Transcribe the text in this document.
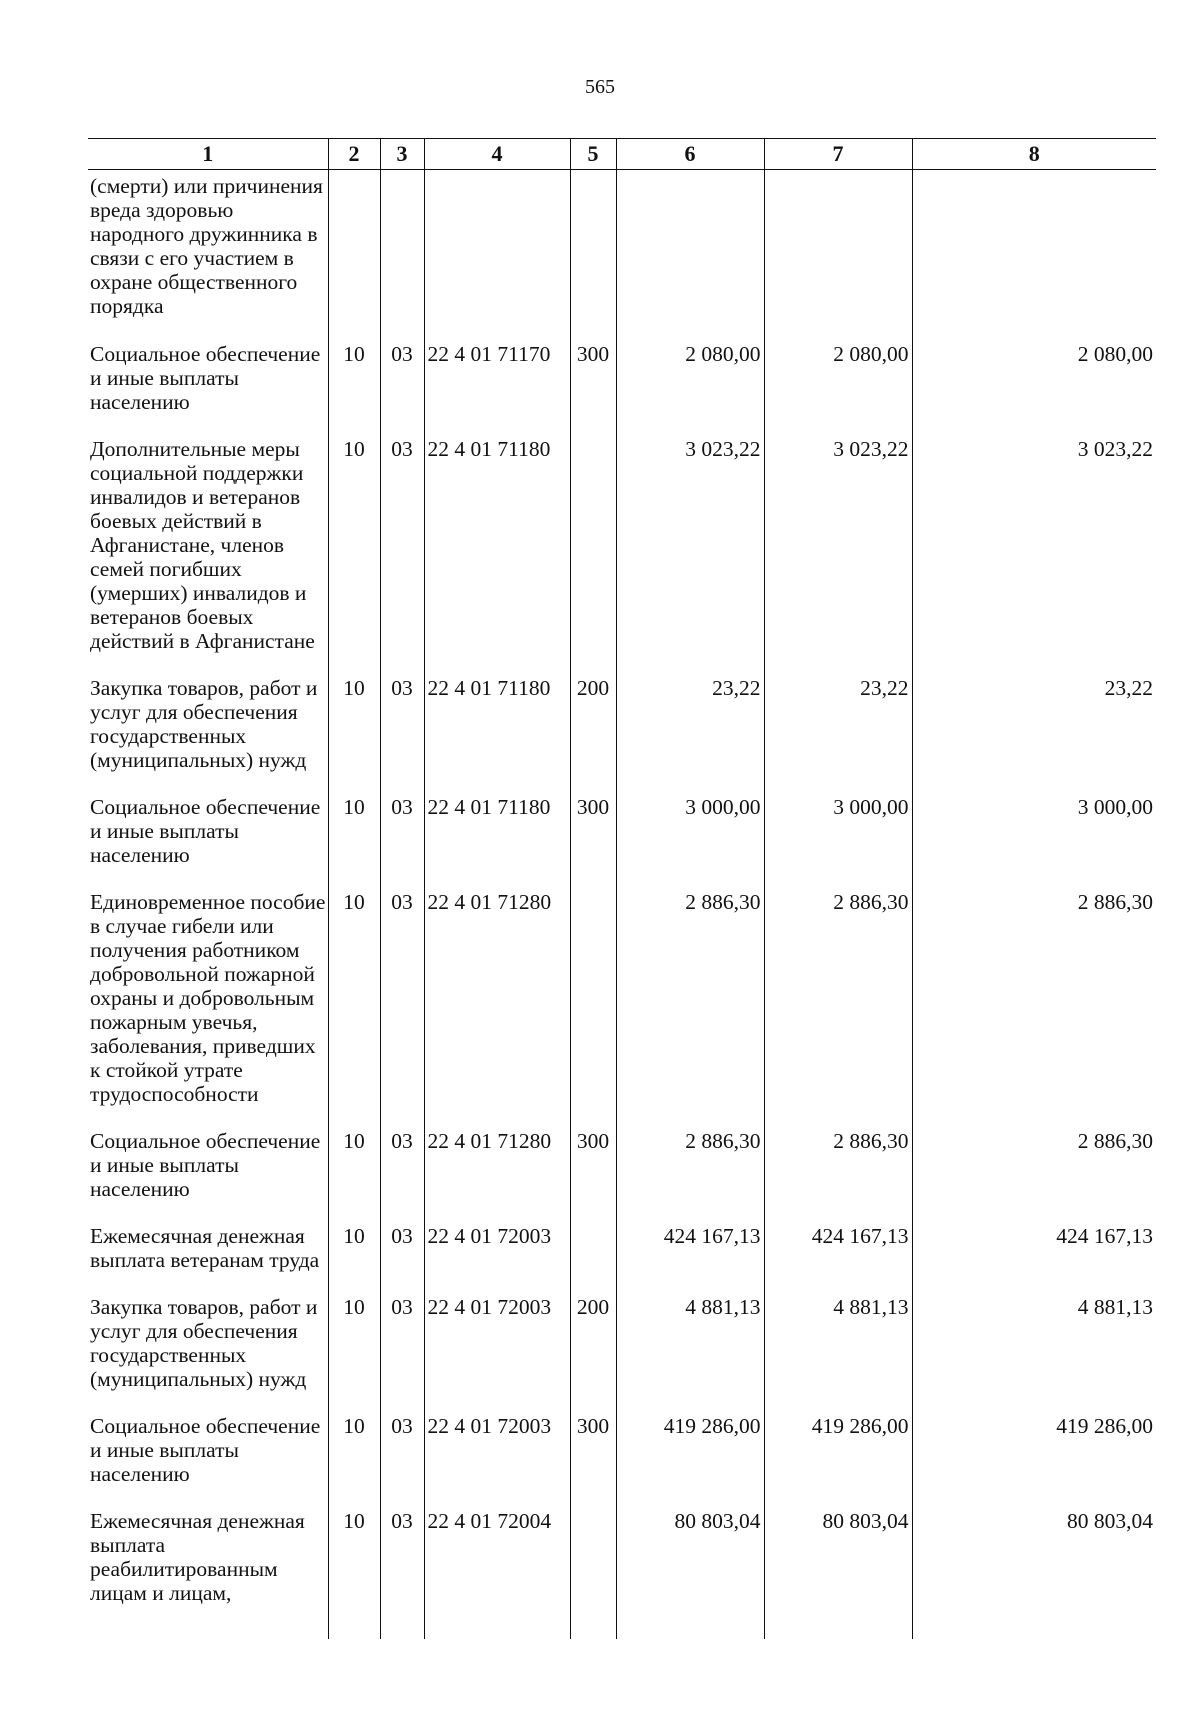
565
1	2	3	4	5	6	7	8
(смерти) или причинения вреда здоровью народного дружинника в связи с его участием в охране общественного порядка							
Социальное обеспечение и иные выплаты населению	10	03	22 4 01 71170	300	2 080,00	2 080,00	2 080,00
Дополнительные меры социальной поддержки инвалидов и ветеранов боевых действий в Афганистане, членов семей погибших (умерших) инвалидов и ветеранов боевых действий в Афганистане	10	03	22 4 01 71180		3 023,22	3 023,22	3 023,22
Закупка товаров, работ и услуг для обеспечения государственных (муниципальных) нужд	10	03	22 4 01 71180	200	23,22	23,22	23,22
Социальное обеспечение и иные выплаты населению	10	03	22 4 01 71180	300	3 000,00	3 000,00	3 000,00
Единовременное пособие в случае гибели или получения работником добровольной пожарной охраны и добровольным пожарным увечья, заболевания, приведших к стойкой утрате трудоспособности	10	03	22 4 01 71280		2 886,30	2 886,30	2 886,30
Социальное обеспечение и иные выплаты населению	10	03	22 4 01 71280	300	2 886,30	2 886,30	2 886,30
Ежемесячная денежная выплата ветеранам труда	10	03	22 4 01 72003		424 167,13	424 167,13	424 167,13
Закупка товаров, работ и услуг для обеспечения государственных (муниципальных) нужд	10	03	22 4 01 72003	200	4 881,13	4 881,13	4 881,13
Социальное обеспечение и иные выплаты населению	10	03	22 4 01 72003	300	419 286,00	419 286,00	419 286,00
Ежемесячная денежная выплата реабилитированным лицам и лицам,	10	03	22 4 01 72004		80 803,04	80 803,04	80 803,04
